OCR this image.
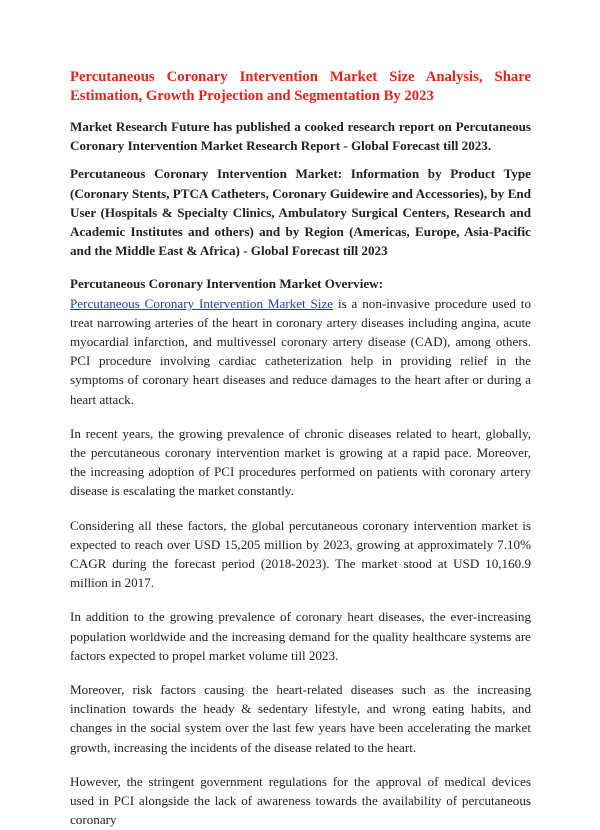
Percutaneous Coronary Intervention Market Size Analysis, Share Estimation, Growth Projection and Segmentation By 2023
Market Research Future has published a cooked research report on Percutaneous Coronary Intervention Market Research Report - Global Forecast till 2023.
Percutaneous Coronary Intervention Market: Information by Product Type (Coronary Stents, PTCA Catheters, Coronary Guidewire and Accessories), by End User (Hospitals & Specialty Clinics, Ambulatory Surgical Centers, Research and Academic Institutes and others) and by Region (Americas, Europe, Asia-Pacific and the Middle East & Africa) - Global Forecast till 2023
Percutaneous Coronary Intervention Market Overview:

Percutaneous Coronary Intervention Market Size is a non-invasive procedure used to treat narrowing arteries of the heart in coronary artery diseases including angina, acute myocardial infarction, and multivessel coronary artery disease (CAD), among others. PCI procedure involving cardiac catheterization help in providing relief in the symptoms of coronary heart diseases and reduce damages to the heart after or during a heart attack.

In recent years, the growing prevalence of chronic diseases related to heart, globally, the percutaneous coronary intervention market is growing at a rapid pace. Moreover, the increasing adoption of PCI procedures performed on patients with coronary artery disease is escalating the market constantly.

Considering all these factors, the global percutaneous coronary intervention market is expected to reach over USD 15,205 million by 2023, growing at approximately 7.10% CAGR during the forecast period (2018-2023). The market stood at USD 10,160.9 million in 2017.

In addition to the growing prevalence of coronary heart diseases, the ever-increasing population worldwide and the increasing demand for the quality healthcare systems are factors expected to propel market volume till 2023.

Moreover, risk factors causing the heart-related diseases such as the increasing inclination towards the heady & sedentary lifestyle, and wrong eating habits, and changes in the social system over the last few years have been accelerating the market growth, increasing the incidents of the disease related to the heart.

However, the stringent government regulations for the approval of medical devices used in PCI alongside the lack of awareness towards the availability of percutaneous coronary
